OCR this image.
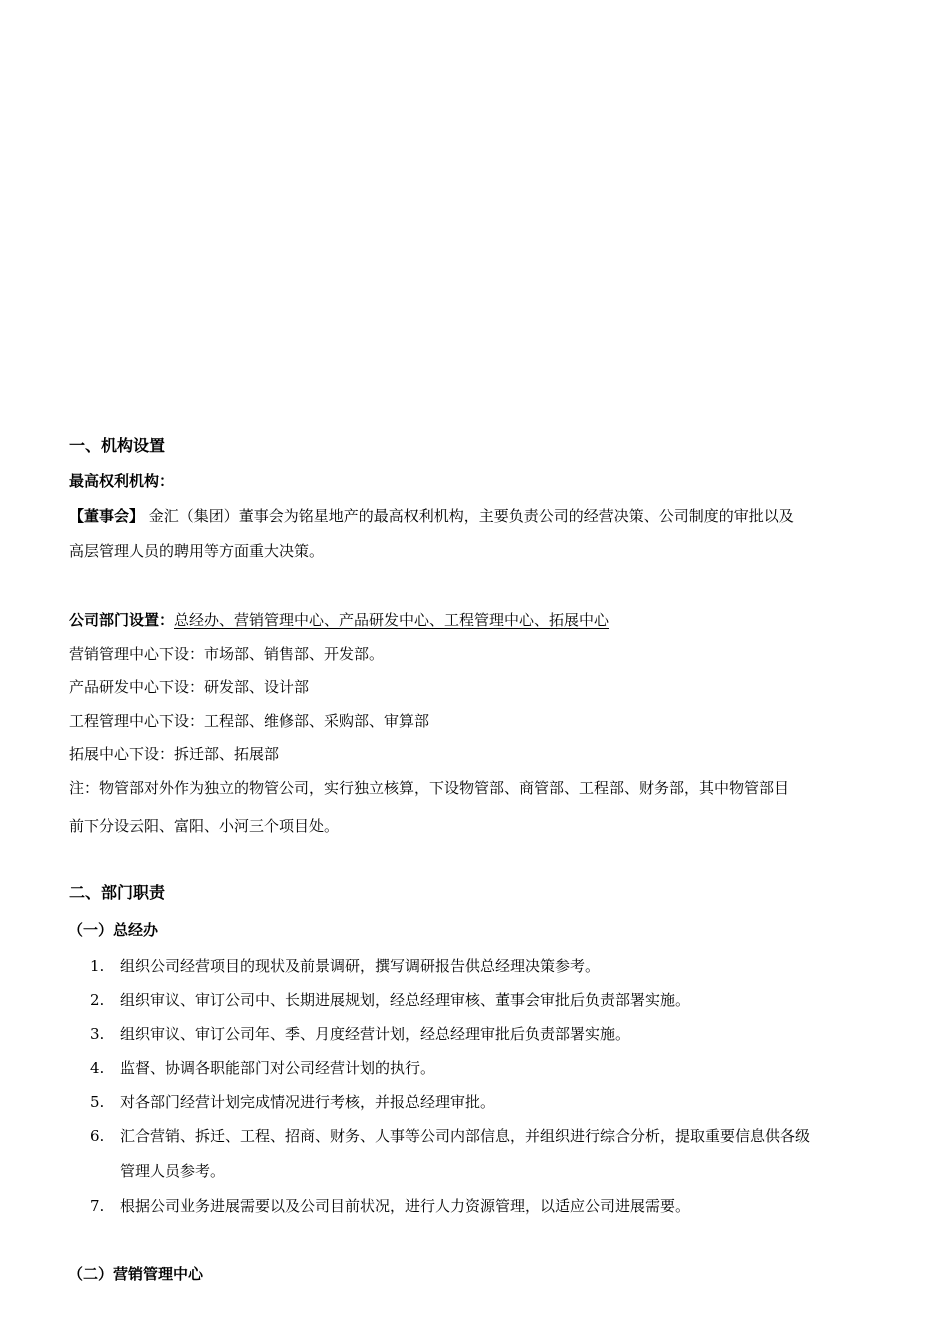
一、机构设置
最高权利机构：
【董事会】 金汇（集团）董事会为铭星地产的最高权利机构，主要负责公司的经营决策、公司制度的审批以及
高层管理人员的聘用等方面重大决策。
公司部门设置：总经办、营销管理中心、产品研发中心、工程管理中心、拓展中心
营销管理中心下设：市场部、销售部、开发部。
产品研发中心下设：研发部、设计部
工程管理中心下设：工程部、维修部、采购部、审算部
拓展中心下设：拆迁部、拓展部
注：物管部对外作为独立的物管公司，实行独立核算，下设物管部、商管部、工程部、财务部，其中物管部目
前下分设云阳、富阳、小河三个项目处。
二、部门职责
（一）总经办
1.	组织公司经营项目的现状及前景调研，撰写调研报告供总经理决策参考。
2.	组织审议、审订公司中、长期进展规划，经总经理审核、董事会审批后负责部署实施。
3.	组织审议、审订公司年、季、月度经营计划，经总经理审批后负责部署实施。
4.	监督、协调各职能部门对公司经营计划的执行。
5.	对各部门经营计划完成情况进行考核，并报总经理审批。
6.	汇合营销、拆迁、工程、招商、财务、人事等公司内部信息，并组织进行综合分析，提取重要信息供各级
管理人员参考。
7.	根据公司业务进展需要以及公司目前状况，进行人力资源管理，以适应公司进展需要。
（二）营销管理中心
